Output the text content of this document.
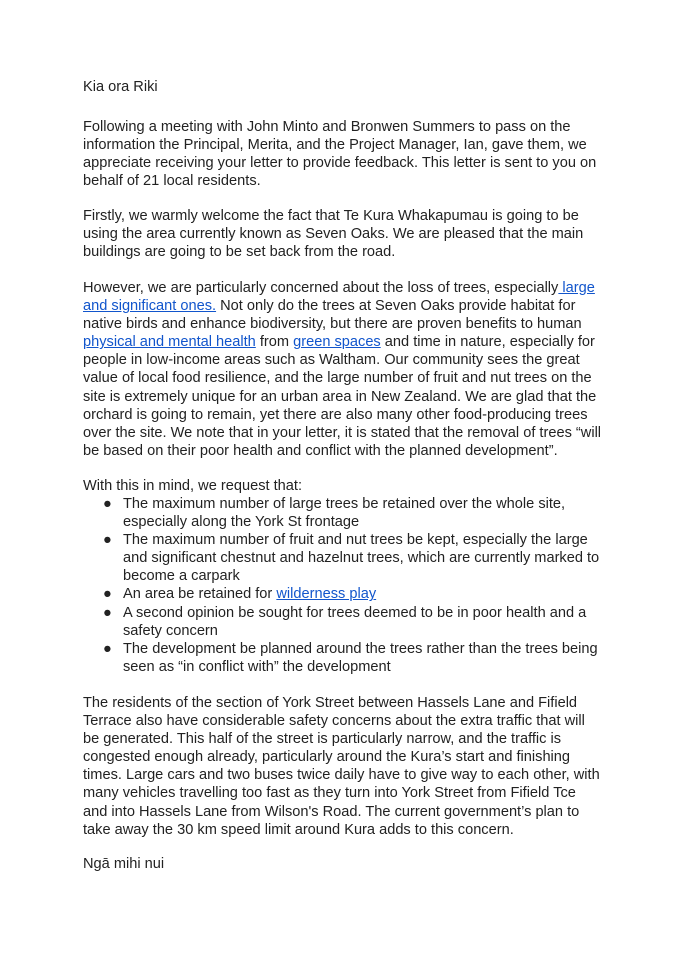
Kia ora Riki

Following a meeting with John Minto and Bronwen Summers to pass on the information the Principal, Merita, and the Project Manager, Ian, gave them, we appreciate receiving your letter to provide feedback. This letter is sent to you on behalf of 21 local residents.

Firstly, we warmly welcome the fact that Te Kura Whakapumau is going to be using the area currently known as Seven Oaks. We are pleased that the main buildings are going to be set back from the road.

However, we are particularly concerned about the loss of trees, especially large and significant ones. Not only do the trees at Seven Oaks provide habitat for native birds and enhance biodiversity, but there are proven benefits to human physical and mental health from green spaces and time in nature, especially for people in low-income areas such as Waltham. Our community sees the great value of local food resilience, and the large number of fruit and nut trees on the site is extremely unique for an urban area in New Zealand. We are glad that the orchard is going to remain, yet there are also many other food-producing trees over the site. We note that in your letter, it is stated that the removal of trees “will be based on their poor health and conflict with the planned development”.

With this in mind, we request that:

● The maximum number of large trees be retained over the whole site, especially along the York St frontage
● The maximum number of fruit and nut trees be kept, especially the large and significant chestnut and hazelnut trees, which are currently marked to become a carpark
● An area be retained for wilderness play
● A second opinion be sought for trees deemed to be in poor health and a safety concern
● The development be planned around the trees rather than the trees being seen as “in conflict with” the development

The residents of the section of York Street between Hassels Lane and Fifield Terrace also have considerable safety concerns about the extra traffic that will be generated. This half of the street is particularly narrow, and the traffic is congested enough already, particularly around the Kura’s start and finishing times. Large cars and two buses twice daily have to give way to each other, with many vehicles travelling too fast as they turn into York Street from Fifield Tce and into Hassels Lane from Wilson's Road. The current government’s plan to take away the 30 km speed limit around Kura adds to this concern.

Ngā mihi nui
